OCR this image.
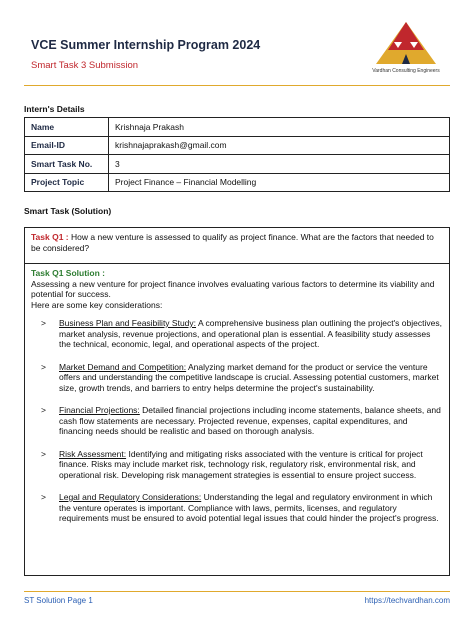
VCE Summer Internship Program 2024
Smart Task 3 Submission	Vardhan Consulting Engineers
Intern's Details
Name	Krishnaja Prakash
Email-ID	krishnajaprakash@gmail.com
Smart Task No.	3
Project Topic	Project Finance – Financial Modelling
Smart Task (Solution)
Task Q1 : How a new venture is assessed to qualify as project finance. What are the factors that needed to be considered?
Task Q1 Solution :
Assessing a new venture for project finance involves evaluating various factors to determine its viability and potential for success.
Here are some key considerations:
> Business Plan and Feasibility Study: A comprehensive business plan outlining the project's objectives, market analysis, revenue projections, and operational plan is essential. A feasibility study assesses the technical, economic, legal, and operational aspects of the project.
> Market Demand and Competition: Analyzing market demand for the product or service the venture offers and understanding the competitive landscape is crucial. Assessing potential customers, market size, growth trends, and barriers to entry helps determine the project's sustainability.
> Financial Projections: Detailed financial projections including income statements, balance sheets, and cash flow statements are necessary. Projected revenue, expenses, capital expenditures, and financing needs should be realistic and based on thorough analysis.
> Risk Assessment: Identifying and mitigating risks associated with the venture is critical for project finance. Risks may include market risk, technology risk, regulatory risk, environmental risk, and operational risk. Developing risk management strategies is essential to ensure project success.
> Legal and Regulatory Considerations: Understanding the legal and regulatory environment in which the venture operates is important. Compliance with laws, permits, licenses, and regulatory requirements must be ensured to avoid potential legal issues that could hinder the project's progress.
ST Solution Page 1	https://techvardhan.com
